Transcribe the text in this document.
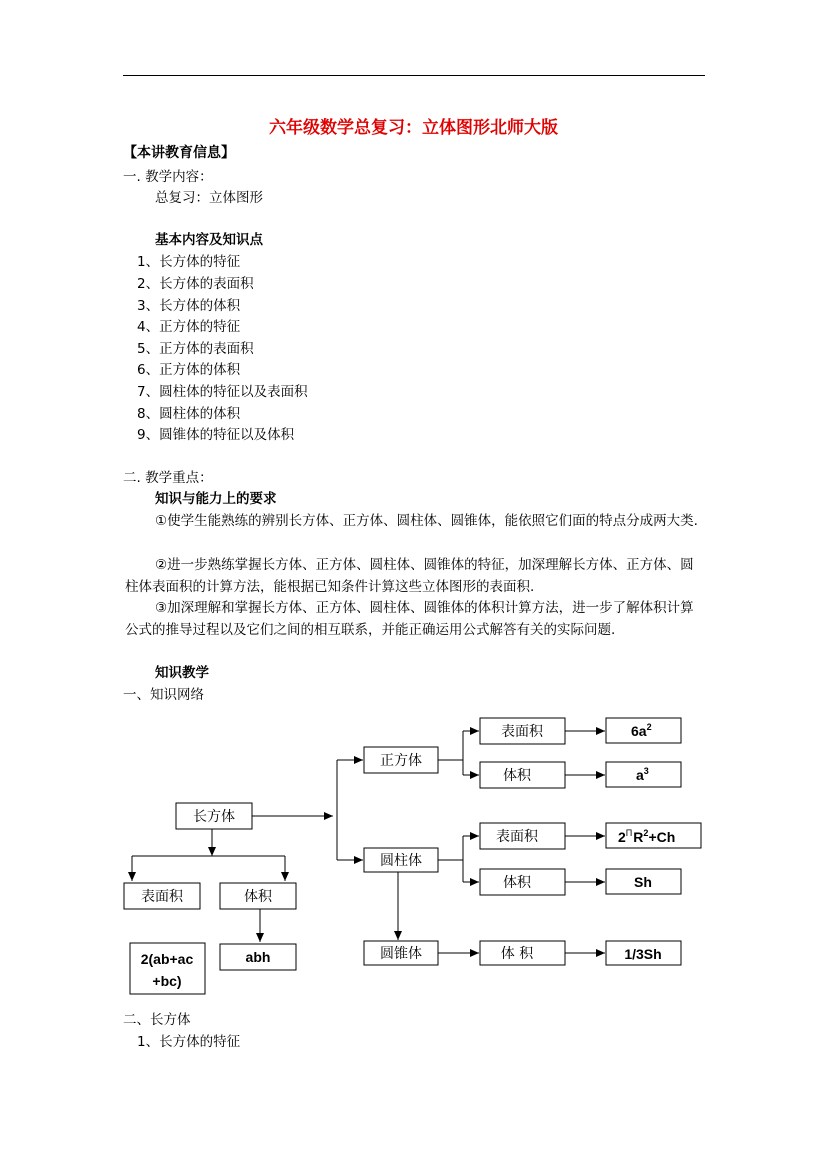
六年级数学总复习：立体图形北师大版
【本讲教育信息】
一. 教学内容：
总复习：立体图形
基本内容及知识点
1、长方体的特征
2、长方体的表面积
3、长方体的体积
4、正方体的特征
5、正方体的表面积
6、正方体的体积
7、圆柱体的特征以及表面积
8、圆柱体的体积
9、圆锥体的特征以及体积
二. 教学重点：
知识与能力上的要求
①使学生能熟练的辨别长方体、正方体、圆柱体、圆锥体，能依照它们面的特点分成两大类.
②进一步熟练掌握长方体、正方体、圆柱体、圆锥体的特征，加深理解长方体、正方体、圆柱体表面积的计算方法，能根据已知条件计算这些立体图形的表面积.
③加深理解和掌握长方体、正方体、圆柱体、圆锥体的体积计算方法，进一步了解体积计算公式的推导过程以及它们之间的相互联系，并能正确运用公式解答有关的实际问题.
知识教学
一、知识网络
长方体
表面积	体积
2(ab+ac
+bc)
abh
正方体
表面积
体积
$6a^2$
$a^3$
圆柱体
表面积
体积
$2^\Pi R^2+Ch$
Sh
圆锥体	体 积	1/3Sh
二、长方体
1、长方体的特征
